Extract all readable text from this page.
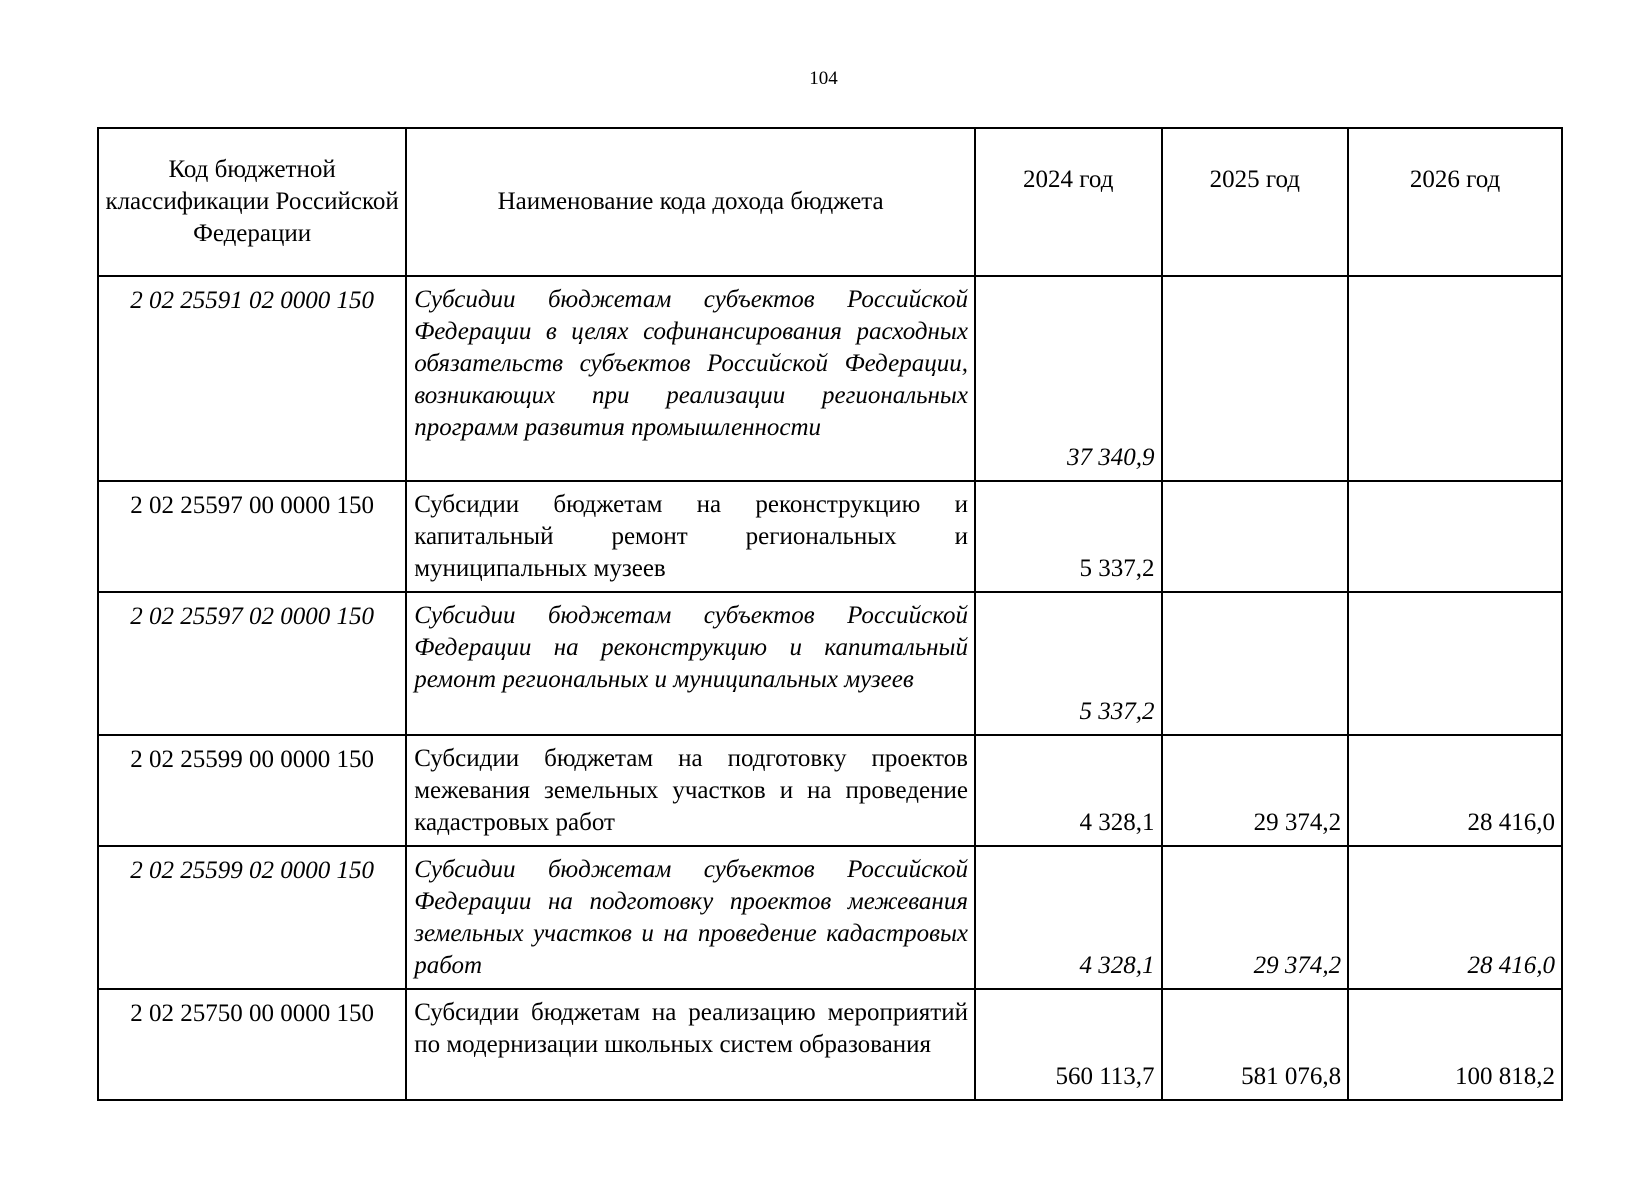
104
Код бюджетной классификации Российской Федерации	Наименование кода дохода бюджета	2024 год	2025 год	2026 год
2 02 25591 02 0000 150	Субсидии бюджетам субъектов Российской Федерации в целях софинансирования расходных обязательств субъектов Российской Федерации, возникающих при реализации региональных программ развития промышленности	37 340,9		
2 02 25597 00 0000 150	Субсидии бюджетам на реконструкцию и капитальный ремонт региональных и муниципальных музеев	5 337,2		
2 02 25597 02 0000 150	Субсидии бюджетам субъектов Российской Федерации на реконструкцию и капитальный ремонт региональных и муниципальных музеев	5 337,2		
2 02 25599 00 0000 150	Субсидии бюджетам на подготовку проектов межевания земельных участков и на проведение кадастровых работ	4 328,1	29 374,2	28 416,0
2 02 25599 02 0000 150	Субсидии бюджетам субъектов Российской Федерации на подготовку проектов межевания земельных участков и на проведение кадастровых работ	4 328,1	29 374,2	28 416,0
2 02 25750 00 0000 150	Субсидии бюджетам на реализацию мероприятий по модернизации школьных систем образования	560 113,7	581 076,8	100 818,2
